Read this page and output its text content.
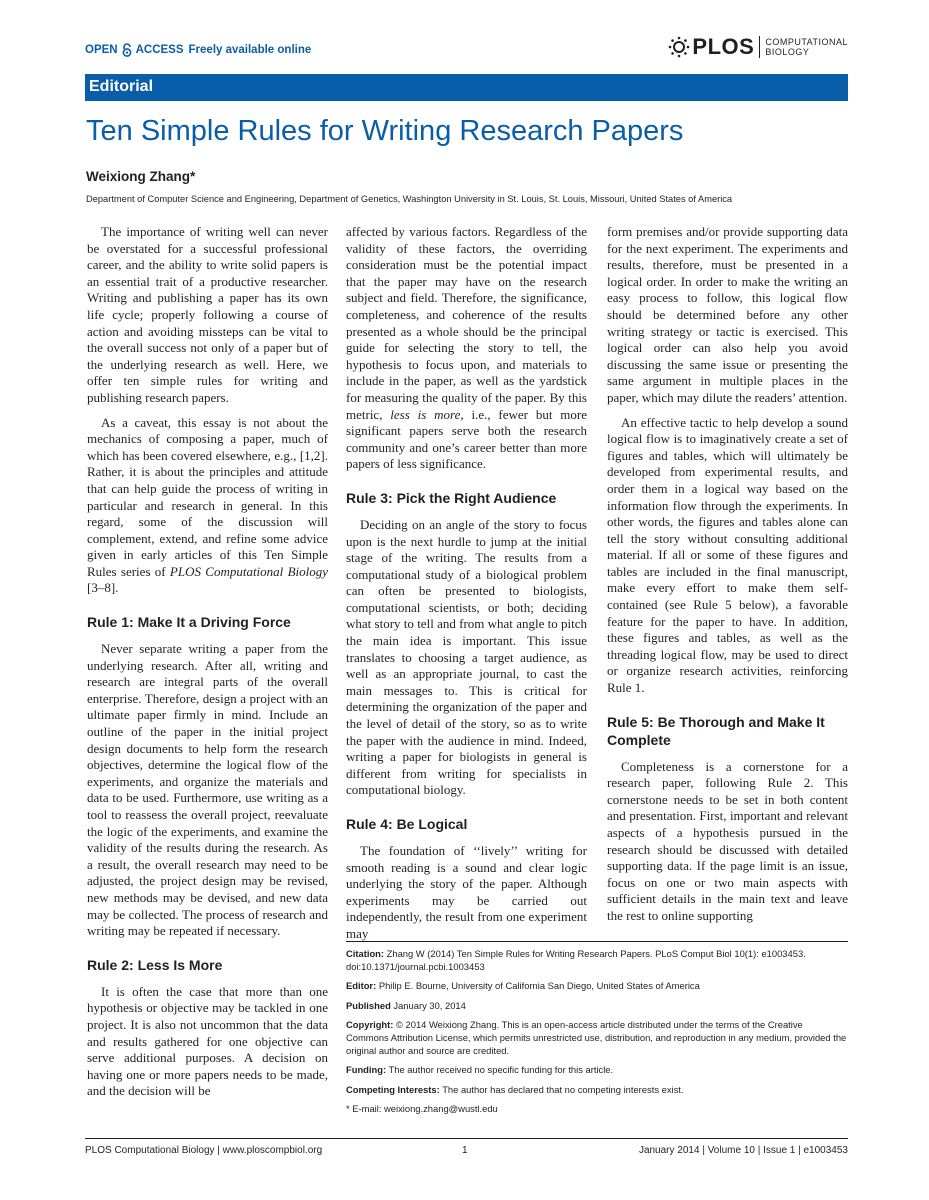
OPEN ACCESS Freely available online	PLOS COMPUTATIONAL
BIOLOGY
Editorial
Ten Simple Rules for Writing Research Papers
Weixiong Zhang*
Department of Computer Science and Engineering, Department of Genetics, Washington University in St. Louis, St. Louis, Missouri, United States of America

The importance of writing well can never be overstated for a successful professional career, and the ability to write solid papers is an essential trait of a productive researcher. Writing and publishing a paper has its own life cycle; properly following a course of action and avoiding missteps can be vital to the overall success not only of a paper but of the underlying research as well. Here, we offer ten simple rules for writing and publishing research papers.

As a caveat, this essay is not about the mechanics of composing a paper, much of which has been covered elsewhere, e.g., [1,2]. Rather, it is about the principles and attitude that can help guide the process of writing in particular and research in general. In this regard, some of the discussion will complement, extend, and refine some advice given in early articles of this Ten Simple Rules series of PLOS Computational Biology [3–8].

Rule 1: Make It a Driving Force

Never separate writing a paper from the underlying research. After all, writing and research are integral parts of the overall enterprise. Therefore, design a project with an ultimate paper firmly in mind. Include an outline of the paper in the initial project design documents to help form the research objectives, determine the logical flow of the experiments, and organize the materials and data to be used. Furthermore, use writing as a tool to reassess the overall project, reevaluate the logic of the experiments, and examine the validity of the results during the research. As a result, the overall research may need to be adjusted, the project design may be revised, new methods may be devised, and new data may be collected. The process of research and writing may be repeated if necessary.

Rule 2: Less Is More

It is often the case that more than one hypothesis or objective may be tackled in one project. It is also not uncommon that the data and results gathered for one objective can serve additional purposes. A decision on having one or more papers needs to be made, and the decision will be

affected by various factors. Regardless of the validity of these factors, the overriding consideration must be the potential impact that the paper may have on the research subject and field. Therefore, the significance, completeness, and coherence of the results presented as a whole should be the principal guide for selecting the story to tell, the hypothesis to focus upon, and materials to include in the paper, as well as the yardstick for measuring the quality of the paper. By this metric, less is more, i.e., fewer but more significant papers serve both the research community and one’s career better than more papers of less significance.

Rule 3: Pick the Right Audience

Deciding on an angle of the story to focus upon is the next hurdle to jump at the initial stage of the writing. The results from a computational study of a biological problem can often be presented to biologists, computational scientists, or both; deciding what story to tell and from what angle to pitch the main idea is important. This issue translates to choosing a target audience, as well as an appropriate journal, to cast the main messages to. This is critical for determining the organization of the paper and the level of detail of the story, so as to write the paper with the audience in mind. Indeed, writing a paper for biologists in general is different from writing for specialists in computational biology.

Rule 4: Be Logical

The foundation of ‘‘lively’’ writing for smooth reading is a sound and clear logic underlying the story of the paper. Although experiments may be carried out independently, the result from one experiment may

form premises and/or provide supporting data for the next experiment. The experiments and results, therefore, must be presented in a logical order. In order to make the writing an easy process to follow, this logical flow should be determined before any other writing strategy or tactic is exercised. This logical order can also help you avoid discussing the same issue or presenting the same argument in multiple places in the paper, which may dilute the readers’ attention.

An effective tactic to help develop a sound logical flow is to imaginatively create a set of figures and tables, which will ultimately be developed from experimental results, and order them in a logical way based on the information flow through the experiments. In other words, the figures and tables alone can tell the story without consulting additional material. If all or some of these figures and tables are included in the final manuscript, make every effort to make them self-contained (see Rule 5 below), a favorable feature for the paper to have. In addition, these figures and tables, as well as the threading logical flow, may be used to direct or organize research activities, reinforcing Rule 1.

Rule 5: Be Thorough and Make It Complete

Completeness is a cornerstone for a research paper, following Rule 2. This cornerstone needs to be set in both content and presentation. First, important and relevant aspects of a hypothesis pursued in the research should be discussed with detailed supporting data. If the page limit is an issue, focus on one or two main aspects with sufficient details in the main text and leave the rest to online supporting

Citation: Zhang W (2014) Ten Simple Rules for Writing Research Papers. PLoS Comput Biol 10(1): e1003453. doi:10.1371/journal.pcbi.1003453
Editor: Philip E. Bourne, University of California San Diego, United States of America
Published January 30, 2014
Copyright: © 2014 Weixiong Zhang. This is an open-access article distributed under the terms of the Creative Commons Attribution License, which permits unrestricted use, distribution, and reproduction in any medium, provided the original author and source are credited.
Funding: The author received no specific funding for this article.
Competing Interests: The author has declared that no competing interests exist.
* E-mail: weixiong.zhang@wustl.edu
PLOS Computational Biology | www.ploscompbiol.org	1	January 2014 | Volume 10 | Issue 1 | e1003453
